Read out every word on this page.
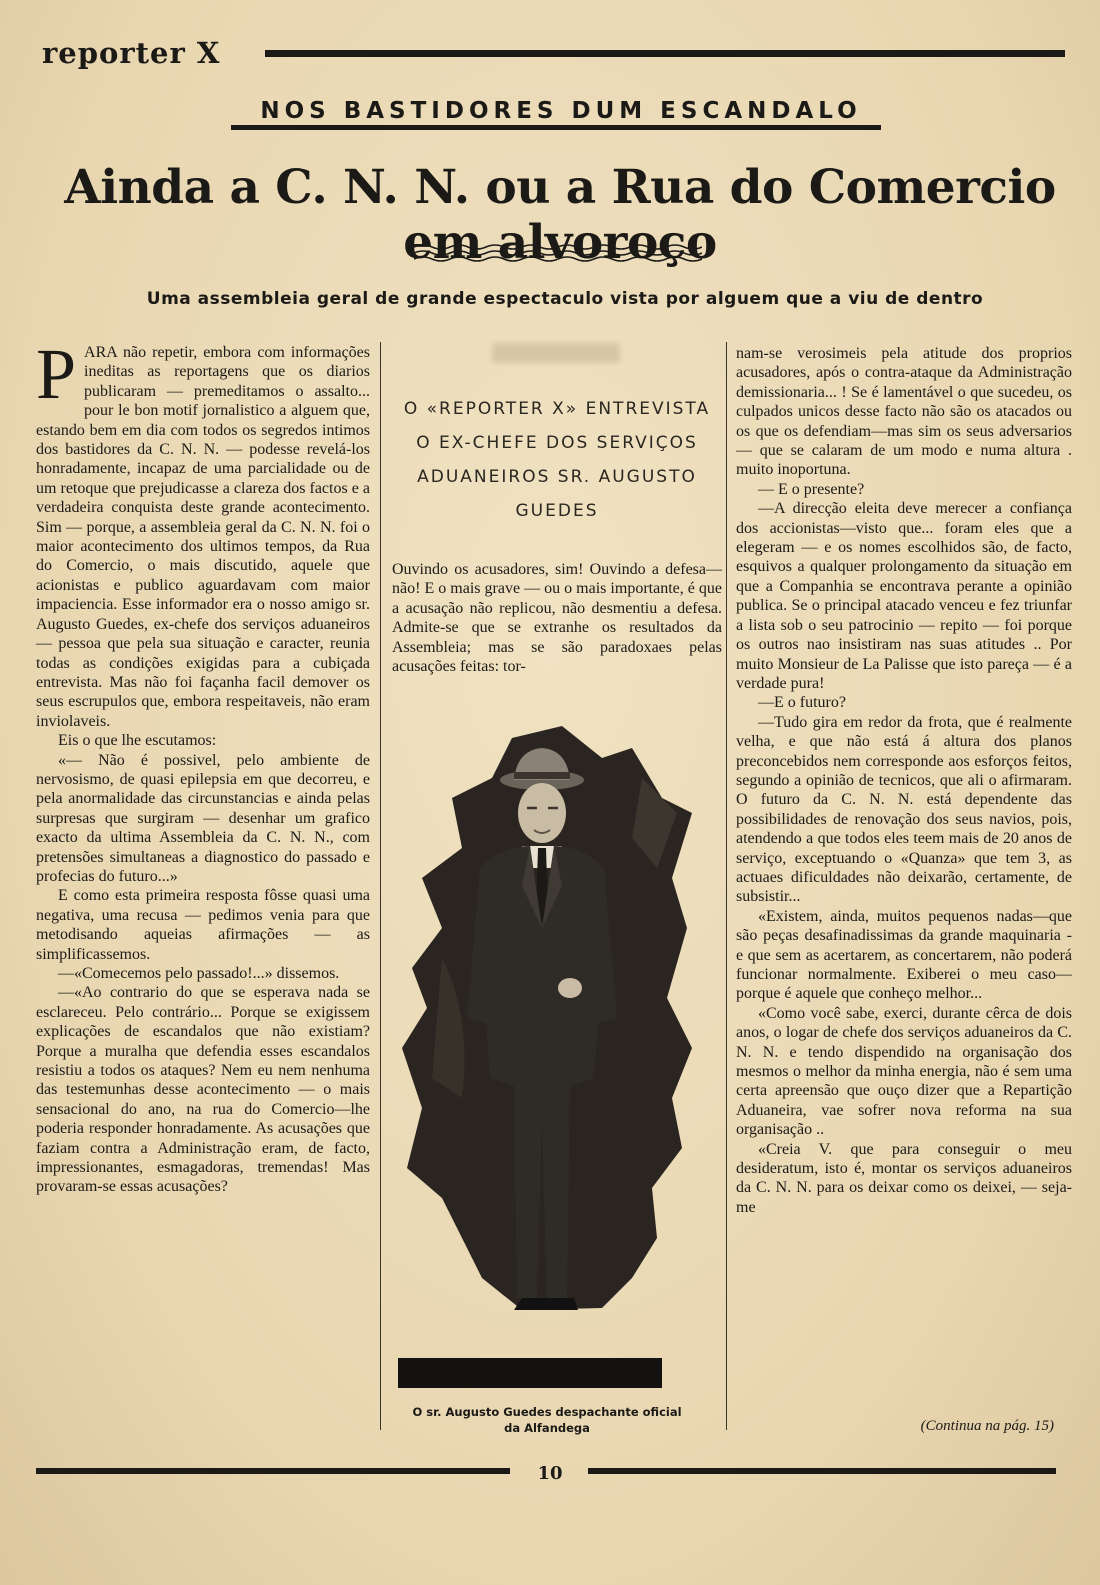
reporter X
NOS BASTIDORES DUM ESCANDALO
Ainda a C. N. N. ou a Rua do Comercio em alvoroço
Uma assembleia geral de grande espectaculo vista por alguem que a viu de dentro
P ARA não repetir, embora com informações ineditas as reportagens que os diarios publicaram — premeditamos o assalto... pour le bon motif jornalistico a alguem que, estando bem em dia com todos os segredos intimos dos bastidores da C. N. N. — podesse revelá-los honradamente, incapaz de uma parcialidade ou de um retoque que prejudicasse a clareza dos factos e a verdadeira conquista deste grande acontecimento. Sim — porque, a assembleia geral da C. N. N. foi o maior acontecimento dos ultimos tempos, da Rua do Comercio, o mais discutido, aquele que acionistas e publico aguardavam com maior impaciencia. Esse informador era o nosso amigo sr. Augusto Guedes, ex-chefe dos serviços aduaneiros — pessoa que pela sua situação e caracter, reunia todas as condições exigidas para a cubiçada entrevista. Mas não foi façanha facil demover os seus escrupulos que, embora respeitaveis, não eram inviolaveis.

Eis o que lhe escutamos:

«— Não é possivel, pelo ambiente de nervosismo, de quasi epilepsia em que decorreu, e pela anormalidade das circunstancias e ainda pelas surpresas que surgiram — desenhar um grafico exacto da ultima Assembleia da C. N. N., com pretensões simultaneas a diagnostico do passado e profecias do futuro...»

E como esta primeira resposta fôsse quasi uma negativa, uma recusa — pedimos venia para que metodisando aqueias afirmações — as simplificassemos.

—«Comecemos pelo passado!...» dissemos.

—«Ao contrario do que se esperava nada se esclareceu. Pelo contrário... Porque se exigissem explicações de escandalos que não existiam? Porque a muralha que defendia esses escandalos resistiu a todos os ataques? Nem eu nem nenhuma das testemunhas desse acontecimento — o mais sensacional do ano, na rua do Comercio—lhe poderia responder honradamente. As acusações que faziam contra a Administração eram, de facto, impressionantes, esmagadoras, tremendas! Mas provaram-se essas acusações?

O «REPORTER X» ENTREVISTA
O EX-CHEFE DOS SERVIÇOS
ADUANEIROS SR. AUGUSTO
GUEDES

Ouvindo os acusadores, sim! Ouvindo a defesa—não! E o mais grave — ou o mais importante, é que a acusação não replicou, não desmentiu a defesa. Admite-se que se extranhe os resultados da Assembleia; mas se são paradoxaes pelas acusações feitas: tor-

O sr. Augusto Guedes despachante oficial
da Alfandega

nam-se verosimeis pela atitude dos proprios acusadores, após o contra-ataque da Administração demissionaria... ! Se é lamentável o que sucedeu, os culpados unicos desse facto não são os atacados ou os que os defendiam—mas sim os seus adversarios — que se calaram de um modo e numa altura . muito inoportuna.

— E o presente?

—A direcção eleita deve merecer a confiança dos accionistas—visto que... foram eles que a elegeram — e os nomes escolhidos são, de facto, esquivos a qualquer prolongamento da situação em que a Companhia se encontrava perante a opinião publica. Se o principal atacado venceu e fez triunfar a lista sob o seu patrocinio — repito — foi porque os outros nao insistiram nas suas atitudes .. Por muito Monsieur de La Palisse que isto pareça — é a verdade pura!

—E o futuro?

—Tudo gira em redor da frota, que é realmente velha, e que não está á altura dos planos preconcebidos nem corresponde aos esforços feitos, segundo a opinião de tecnicos, que ali o afirmaram. O futuro da C. N. N. está dependente das possibilidades de renovação dos seus navios, pois, atendendo a que todos eles teem mais de 20 anos de serviço, exceptuando o «Quanza» que tem 3, as actuaes dificuldades não deixarão, certamente, de subsistir...

«Existem, ainda, muitos pequenos nadas—que são peças desafinadissimas da grande maquinaria - e que sem as acertarem, as concertarem, não poderá funcionar normalmente. Exiberei o meu caso—porque é aquele que conheço melhor...

«Como você sabe, exerci, durante cêrca de dois anos, o logar de chefe dos serviços aduaneiros da C. N. N. e tendo dispendido na organisação dos mesmos o melhor da minha energia, não é sem uma certa apreensão que ouço dizer que a Repartição Aduaneira, vae sofrer nova reforma na sua organisação ..

«Creia V. que para conseguir o meu desideratum, isto é, montar os serviços aduaneiros da C. N. N. para os deixar como os deixei, — seja-me

(Continua na pág. 15)
10
